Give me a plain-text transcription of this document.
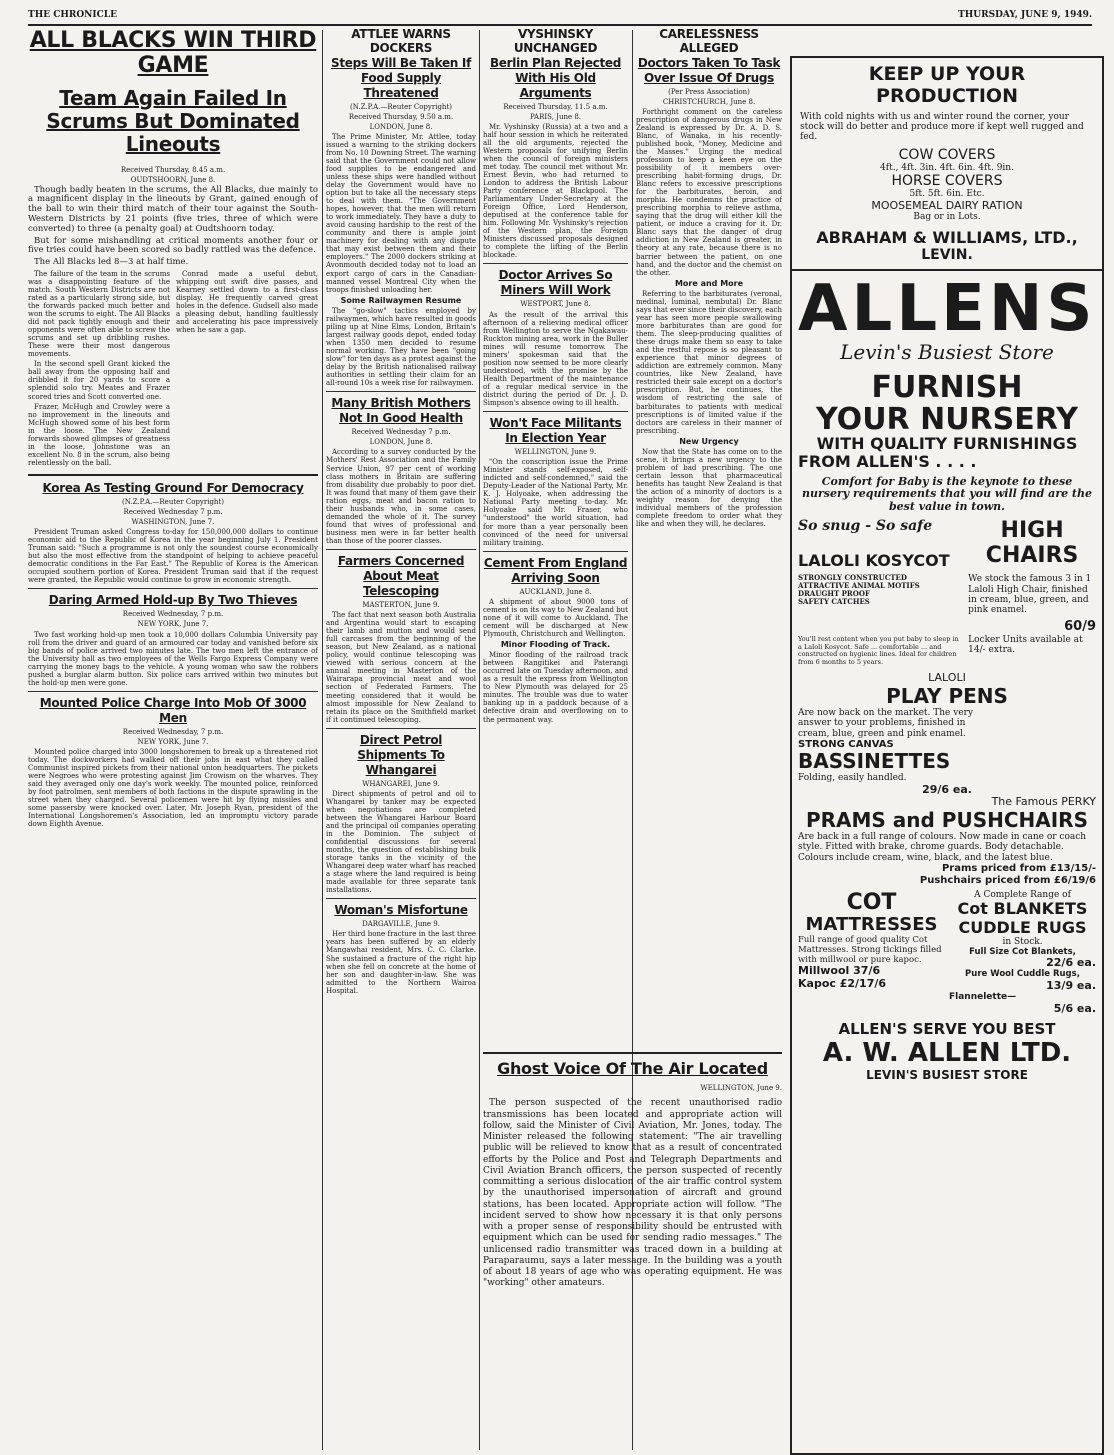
THE CHRONICLE	THURSDAY, JUNE 9, 1949.
ALL BLACKS WIN THIRD GAME
Team Again Failed In Scrums But Dominated Lineouts
Received Thursday, 8.45 a.m.
OUDTSHOORN, June 8.

Though badly beaten in the scrums, the All Blacks, due mainly to a magnificent display in the lineouts by Grant, gained enough of the ball to win their third match of their tour against the South-Western Districts by 21 points (five tries, three of which were converted) to three (a penalty goal) at Oudtshoorn today.

But for some mishandling at critical moments another four or five tries could have been scored so badly rattled was the defence.

The All Blacks led 8—3 at half time.

The failure of the team in the scrums was a disappointing feature of the match. South Western Districts are not rated as a particularly strong side, but the forwards packed much better and won the scrums to eight. The All Blacks did not pack tightly enough and their opponents were often able to screw the scrums and set up dribbling rushes. These were their most dangerous movements.

In the second spell Grant kicked the ball away from the opposing half and dribbled it for 20 yards to score a splendid solo try. Meates and Frazer scored tries and Scott converted one.

Frazer, McHugh and Crowley were a no improvement in the lineouts and McHugh showed some of his best form in the loose. The New Zealand forwards showed glimpses of greatness in the loose, Johnstone was an excellent No. 8 in the scrum, also being relentlessly on the ball.

Conrad made a useful debut, whipping out swift dive passes, and Kearney settled down to a first-class display. He frequently carved great holes in the defence. Gudsell also made a pleasing debut, handling faultlessly and accelerating his pace impressively when he saw a gap.

Korea As Testing Ground For Democracy
(N.Z.P.A.—Reuter Copyright)
Received Wednesday 7 p.m.
WASHINGTON, June 7.

President Truman asked Congress to-day for 150,000,000 dollars to continue economic aid to the Republic of Korea in the year beginning July 1. President Truman said: "Such a programme is not only the soundest course economically but also the most effective from the standpoint of helping to achieve peaceful democratic conditions in the Far East." The Republic of Korea is the American occupied southern portion of Korea. President Truman said that if the request were granted, the Republic would continue to grow in economic strength.

Daring Armed Hold-up By Two Thieves
Received Wednesday, 7 p.m.
NEW YORK, June 7.

Two fast working hold-up men took a 10,000 dollars Columbia University pay roll from the driver and guard of an armoured car today and vanished before six big bands of police arrived two minutes late. The two men left the entrance of the University hall as two employees of the Wells Fargo Express Company were carrying the money bags to the vehicle. A young woman who saw the robbers pushed a burglar alarm button. Six police cars arrived within two minutes but the hold-up men were gone.

Mounted Police Charge Into Mob Of 3000 Men
Received Wednesday, 7 p.m.
NEW YORK, June 7.

Mounted police charged into 3000 longshoremen to break up a threatened riot today. The dockworkers had walked off their jobs in east what they called Communist inspired pickets from their national union headquarters. The pickets were Negroes who were protesting against Jim Crowism on the wharves. They said they averaged only one day's work weekly. The mounted police, reinforced by foot patrolmen, sent members of both factions in the dispute sprawling in the street when they charged. Several policemen were hit by flying missiles and some passersby were knocked over. Later, Mr. Joseph Ryan, president of the International Longshoremen's Association, led an impromptu victory parade down Eighth Avenue.

ATTLEE WARNS DOCKERS
Steps Will Be Taken If Food Supply Threatened
(N.Z.P.A.—Reuter Copyright)
Received Thursday, 9.50 a.m.
LONDON, June 8.

The Prime Minister, Mr. Attlee, today issued a warning to the striking dockers from No. 10 Downing Street. The warning said that the Government could not allow food supplies to be endangered and unless these ships were handled without delay the Government would have no option but to take all the necessary steps to deal with them. "The Government hopes, however, that the men will return to work immediately. They have a duty to avoid causing hardship to the rest of the community and there is ample joint machinery for dealing with any dispute that may exist between them and their employers." The 2000 dockers striking at Avonmouth decided today not to load an export cargo of cars in the Canadian-manned vessel Montreal City when the troops finished unloading her.

Some Railwaymen Resume

The "go-slow" tactics employed by railwaymen, which have resulted in goods piling up at Nine Elms, London, Britain's largest railway goods depot, ended today when 1350 men decided to resume normal working. They have been "going slow" for ten days as a protest against the delay by the British nationalised railway authorities in settling their claim for an all-round 10s a week rise for railwaymen.

Many British Mothers Not In Good Health
Received Wednesday 7 p.m.
LONDON, June 8.

According to a survey conducted by the Mothers' Rest Association and the Family Service Union, 97 per cent of working class mothers in Britain are suffering from disability due probably to poor diet. It was found that many of them gave their ration eggs, meat and bacon ration to their husbands who, in some cases, demanded the whole of it. The survey found that wives of professional and business men were in far better health than those of the poorer classes.

Farmers Concerned About Meat Telescoping
MASTERTON, June 9.

The fact that next season both Australia and Argentina would start to escaping their lamb and mutton and would send full carcases from the beginning of the season, but New Zealand, as a national policy, would continue telescoping was viewed with serious concern at the annual meeting in Masterton of the Wairarapa provincial meat and wool section of Federated Farmers. The meeting considered that it would be almost impossible for New Zealand to retain its place on the Smithfield market if it continued telescoping.

Direct Petrol Shipments To Whangarei
WHANGAREI, June 9.

Direct shipments of petrol and oil to Whangarei by tanker may be expected when negotiations are completed between the Whangarei Harbour Board and the principal oil companies operating in the Dominion. The subject of confidential discussions for several months, the question of establishing bulk storage tanks in the vicinity of the Whangarei deep water wharf has reached a stage where the land required is being made available for three separate tank installations.

Woman's Misfortune
DARGAVILLE, June 9.

Her third bone fracture in the last three years has been suffered by an elderly Mangawhai resident, Mrs. C. C. Clarke. She sustained a fracture of the right hip when she fell on concrete at the home of her son and daughter-in-law. She was admitted to the Northern Wairoa Hospital.

VYSHINSKY UNCHANGED
Berlin Plan Rejected With His Old Arguments
Received Thursday, 11.5 a.m.
PARIS, June 8.

Mr. Vyshinsky (Russia) at a two and a half hour session in which he reiterated all the old arguments, rejected the Western proposals for unifying Berlin when the council of foreign ministers met today. The council met without Mr. Ernest Bevin, who had returned to London to address the British Labour Party conference at Blackpool. The Parliamentary Under-Secretary at the Foreign Office, Lord Henderson, deputised at the conference table for him. Following Mr. Vyshinsky's rejection of the Western plan, the Foreign Ministers discussed proposals designed to complete the lifting of the Berlin blockade.

Doctor Arrives So Miners Will Work
WESTPORT, June 8.

As the result of the arrival this afternoon of a relieving medical officer from Wellington to serve the Ngakawau-Ruckton mining area, work in the Buller mines will resume tomorrow. The miners' spokesman said that the position now seemed to be more clearly understood, with the promise by the Health Department of the maintenance of a regular medical service in the district during the period of Dr. J. D. Simpson's absence owing to ill health.

Won't Face Militants In Election Year
WELLINGTON, June 9.

"On the conscription issue the Prime Minister stands self-exposed, self-indicted and self-condemned," said the Deputy-Leader of the National Party, Mr. K. J. Holyoake, when addressing the National Party meeting to-day. Mr. Holyoake said Mr. Fraser, who "understood" the world situation, had for more than a year personally been convinced of the need for universal military training.

Cement From England Arriving Soon
AUCKLAND, June 8.

A shipment of about 9000 tons of cement is on its way to New Zealand but none of it will come to Auckland. The cement will be discharged at New Plymouth, Christchurch and Wellington.

Minor Flooding of Track.

Minor flooding of the railroad track between Rangitikei and Paterangi occurred late on Tuesday afternoon, and as a result the express from Wellington to New Plymouth was delayed for 25 minutes. The trouble was due to water banking up in a paddock because of a defective drain and overflowing on to the permanent way.

CARELESSNESS ALLEGED
Doctors Taken To Task Over Issue Of Drugs
(Per Press Association)
CHRISTCHURCH, June 8.

Forthright comment on the careless prescription of dangerous drugs in New Zealand is expressed by Dr. A. D. S. Blanc, of Wanaka, in his recently-published book, "Money, Medicine and the Masses." Urging the medical profession to keep a keen eye on the possibility of it members over-prescribing habit-forming drugs, Dr. Blanc refers to excessive prescriptions for the barbiturates, heroin, and morphia. He condemns the practice of prescribing morphia to relieve asthma, saying that the drug will either kill the patient, or induce a craving for it. Dr. Blanc says that the danger of drug addiction in New Zealand is greater, in theory at any rate, because there is no barrier between the patient, on one hand, and the doctor and the chemist on the other.

More and More

Referring to the barbiturates (veronal, medinal, luminal, nembutal) Dr. Blanc says that ever since their discovery, each year has seen more people swallowing more barbiturates than are good for them. The sleep-producing qualities of these drugs make them so easy to take and the restful repose is so pleasant to experience that minor degrees of addiction are extremely common. Many countries, like New Zealand, have restricted their sale except on a doctor's prescription. But, he continues, the wisdom of restricting the sale of barbiturates to patients with medical prescriptions is of limited value if the doctors are careless in their manner of prescribing.

New Urgency

Now that the State has come on to the scene, it brings a new urgency to the problem of bad prescribing. The one certain lesson that pharmaceutical benefits has taught New Zealand is that the action of a minority of doctors is a weighty reason for denying the individual members of the profession complete freedom to order what they like and when they will, he declares.

Ghost Voice Of The Air Located
WELLINGTON, June 9.

The person suspected of the recent unauthorised radio transmissions has been located and appropriate action will follow, said the Minister of Civil Aviation, Mr. Jones, today. The Minister released the following statement: "The air travelling public will be relieved to know that as a result of concentrated efforts by the Police and Post and Telegraph Departments and Civil Aviation Branch officers, the person suspected of recently committing a serious dislocation of the air traffic control system by the unauthorised impersonation of aircraft and ground stations, has been located. Appropriate action will follow. "The incident served to show how necessary it is that only persons with a proper sense of responsibility should be entrusted with equipment which can be used for sending radio messages." The unlicensed radio transmitter was traced down in a building at Paraparaumu, says a later message. In the building was a youth of about 18 years of age who was operating equipment. He was "working" other amateurs.

KEEP UP YOUR PRODUCTION
With cold nights with us and winter round the corner, your stock will do better and produce more if kept well rugged and fed.
COW COVERS
4ft., 4ft. 3in. 4ft. 6in. 4ft. 9in.
HORSE COVERS
5ft. 5ft. 6in. Etc.
MOOSEMEAL DAIRY RATION
Bag or in Lots.
ABRAHAM & WILLIAMS, LTD.,
LEVIN.
ALLENS
Levin's Busiest Store
FURNISH
YOUR NURSERY
WITH QUALITY FURNISHINGS
FROM ALLEN'S . . . .
Comfort for Baby is the keynote to these nursery requirements that you will find are the best value in town.
So snug - So safe
LALOLI KOSYCOT
STRONGLY CONSTRUCTED
ATTRACTIVE ANIMAL MOTIFS
DRAUGHT PROOF
SAFETY CATCHES
You'll rest content when you put baby to sleep in a Laloli Kosycot. Safe ... comfortable ... and constructed on hygienic lines. Ideal for children from 6 months to 5 years.
HIGH
CHAIRS
We stock the famous 3 in 1 Laloli High Chair, finished in cream, blue, green, and pink enamel.
60/9
Locker Units available at 14/- extra.
LALOLI
PLAY PENS
Are now back on the market. The very answer to your problems, finished in cream, blue, green and pink enamel.
STRONG CANVAS
BASSINETTES
Folding, easily handled.
29/6 ea.
The Famous PERKY
PRAMS and PUSHCHAIRS
Are back in a full range of colours. Now made in cane or coach style. Fitted with brake, chrome guards. Body detachable. Colours include cream, wine, black, and the latest blue.
Prams priced from £13/15/-
Pushchairs priced from £6/19/6
COT
MATTRESSES
Full range of good quality Cot Mattresses. Strong tickings filled with millwool or pure kapoc.
Millwool 37/6
Kapoc £2/17/6
A Complete Range of
Cot BLANKETS
CUDDLE RUGS
in Stock.
Full Size Cot Blankets,
22/6 ea.
Pure Wool Cuddle Rugs,
13/9 ea.
Flannelette—
5/6 ea.
ALLEN'S SERVE YOU BEST
A. W. ALLEN LTD.
LEVIN'S BUSIEST STORE
